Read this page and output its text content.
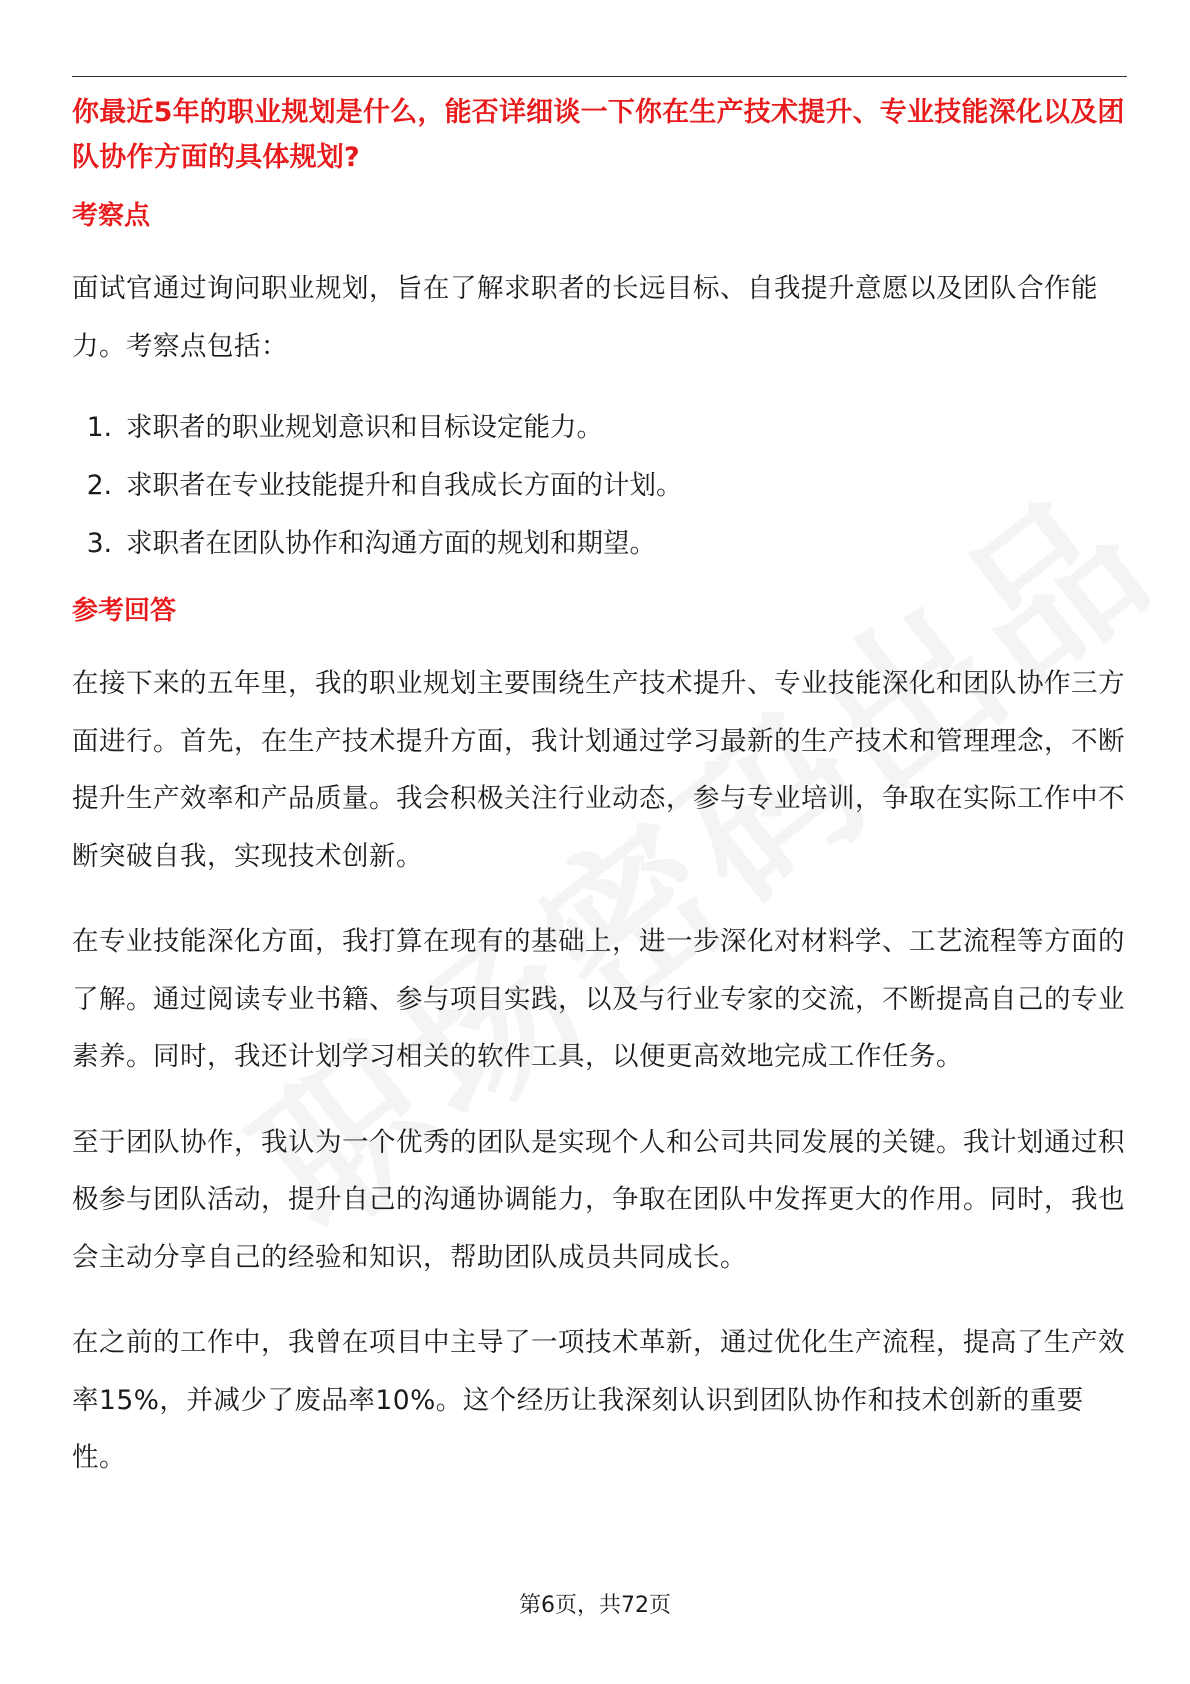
你最近5年的职业规划是什么，能否详细谈一下你在生产技术提升、专业技能深化以及团队协作方面的具体规划?

考察点

面试官通过询问职业规划，旨在了解求职者的长远目标、自我提升意愿以及团队合作能力。考察点包括：

1. 求职者的职业规划意识和目标设定能力。
2. 求职者在专业技能提升和自我成长方面的计划。
3. 求职者在团队协作和沟通方面的规划和期望。
参考回答

在接下来的五年里，我的职业规划主要围绕生产技术提升、专业技能深化和团队协作三方面进行。首先，在生产技术提升方面，我计划通过学习最新的生产技术和管理理念，不断提升生产效率和产品质量。我会积极关注行业动态，参与专业培训，争取在实际工作中不断突破自我，实现技术创新。

在专业技能深化方面，我打算在现有的基础上，进一步深化对材料学、工艺流程等方面的了解。通过阅读专业书籍、参与项目实践，以及与行业专家的交流，不断提高自己的专业素养。同时，我还计划学习相关的软件工具，以便更高效地完成工作任务。

至于团队协作，我认为一个优秀的团队是实现个人和公司共同发展的关键。我计划通过积极参与团队活动，提升自己的沟通协调能力，争取在团队中发挥更大的作用。同时，我也会主动分享自己的经验和知识，帮助团队成员共同成长。

在之前的工作中，我曾在项目中主导了一项技术革新，通过优化生产流程，提高了生产效率15%，并减少了废品率10%。这个经历让我深刻认识到团队协作和技术创新的重要性。

第6页，共72页
